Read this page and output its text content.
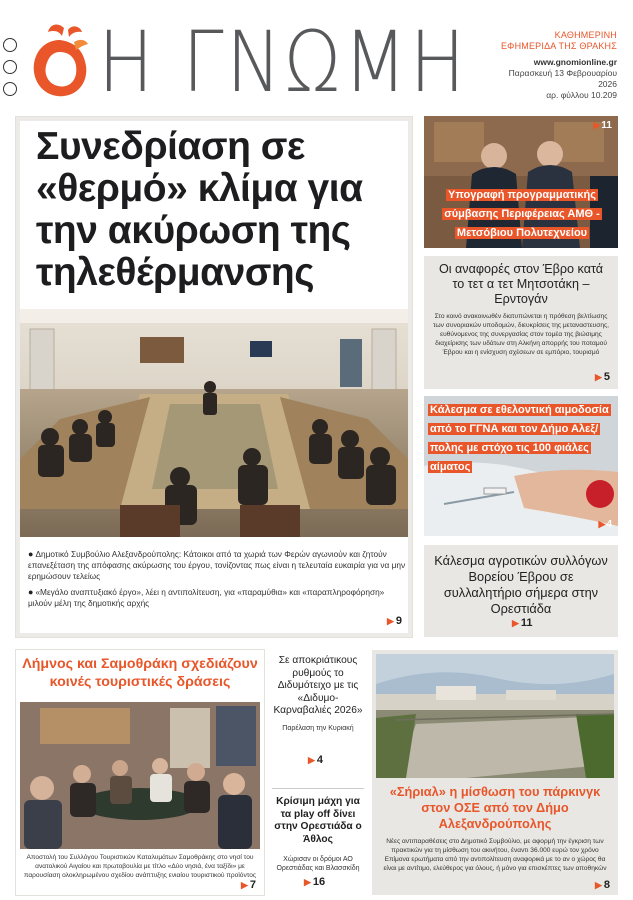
Η ΓΝΩΜΗ	ΚΑΘΗΜΕΡΙΝΗ
ΕΦΗΜΕΡΙΔΑ ΤΗΣ ΘΡΑΚΗΣ
www.gnomionline.gr
Παρασκευή 13 Φεβρουαρίου
2026
αρ. φύλλου 10.209
Συνεδρίαση σε «θερμό» κλίμα για την ακύρωση της τηλεθέρμανσης

● Δημοτικό Συμβούλιο Αλεξανδρούπολης: Κάτοικοι από τα χωριά των Φερών αγωνιούν και ζητούν επανεξέταση της απόφασης ακύρωσης του έργου, τονίζοντας πως είναι η τελευταία ευκαιρία για να μην ερημώσουν τελείως

● «Μεγάλο αναπτυξιακό έργο», λέει η αντιπολίτευση, για «παραμύθια» και «παραπληροφόρηση» μιλούν μέλη της δημοτικής αρχής

▶ 9
▶11
Υπογραφή προγραμματικής σύμβασης Περιφέρειας ΑΜΘ - Μετσόβιου Πολυτεχνείου
Οι αναφορές στον Έβρο κατά το τετ α τετ Μητσοτάκη – Ερντογάν
Στο κοινό ανακοινωθέν διατυπώνεται η πρόθεση βελτίωσης των συνοριακών υποδομών, διευκρίσεις της μεταναστευσης, ευθύνομενος της συνεργασίας στον τομέα της βιώσιμης διαχείρισης των υδάτων στη Αλκήνη απορρής του ποταμού Έβρου και η ενίσχυση σχέσεων σε εμπόριο, τουρισμό
▶ 5
Κάλεσμα σε εθελοντική αιμοδοσία από το ΓΓΝΑ και τον Δήμο Αλεξ/πολης με στόχο τις 100 φιάλες αίματος
▶4
Κάλεσμα αγροτικών συλλόγων Βορείου Έβρου σε συλλαλητήριο σήμερα στην Ορεστιάδα
▶ 11
Λήμνος και Σαμοθράκη σχεδιάζουν κοινές τουριστικές δράσεις
Αποστολή του Συλλόγου Τουριστικών Καταλυμάτων Σαμοθράκης στο νησί του ανατολικού Αιγαίου και πρωτοβουλία με τίτλο «Δύο νησιά, ένα ταξίδι» με παρουσίαση ολοκληρωμένου σχεδίου ανάπτυξης ενιαίου τουριστικού προϊόντος
▶ 7
Σε αποκριάτικους ρυθμούς το Διδυμότειχο με τις «Διδυμο-Καρναβαλιές 2026»
Παρέλαση την Κυριακή
▶ 4
Κρίσιμη μάχη για τα play off δίνει στην Ορεστιάδα ο Άθλος
Χώρισαν οι δρόμοι ΑΟ Ορεστιάδας και Βλασσκίδη
▶ 16
«Σήριαλ» η μίσθωση του πάρκινγκ στον ΟΣΕ από τον Δήμο Αλεξανδρούπολης
Νέες αντιπαραθέσεις στο Δημοτικό Συμβούλιο, με αφορμή την έγκριση των πρακτικών για τη μίσθωση του ακινήτου, έναντι 36.000 ευρώ τον χρόνο Επίμονα ερωτήματα από την αντιπολίτευση αναφορικά με το αν ο χώρος θα είναι με αντίτιμο, ελεύθερος για όλους, ή μόνο για επισκέπτες των αποθηκών
▶ 8
